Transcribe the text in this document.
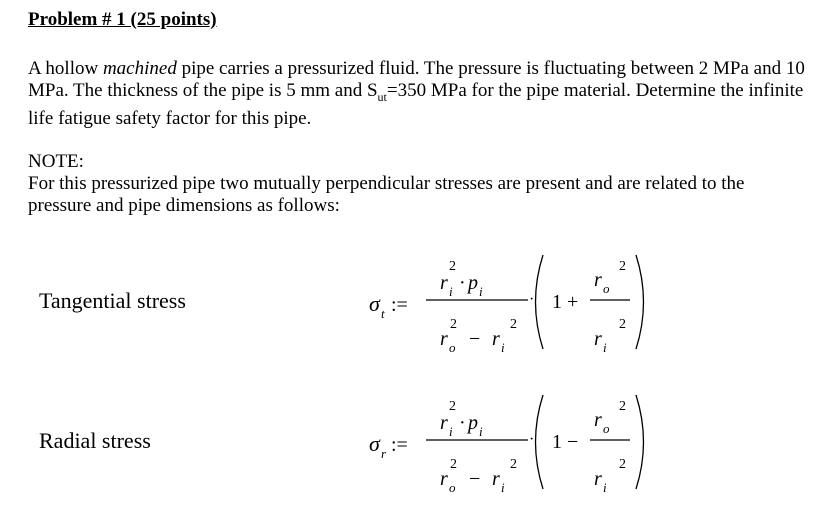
Problem # 1 (25 points)
A hollow machined pipe carries a pressurized fluid. The pressure is fluctuating between 2 MPa and 10 MPa. The thickness of the pipe is 5 mm and $S_{ut}=350$ MPa for the pipe material. Determine the infinite life fatigue safety factor for this pipe.
NOTE:
For this pressurized pipe two mutually perpendicular stresses are present and are related to the pressure and pipe dimensions as follows:
Tangential stress
Radial stress
σ t :=
r i
2
· p i	·
r o
2
− r i
2
1 +
r o
2
r i
2
σ r :=
r i
2
· p i	·
r o
2
− r i
2
1 −
r o
2
r i
2
